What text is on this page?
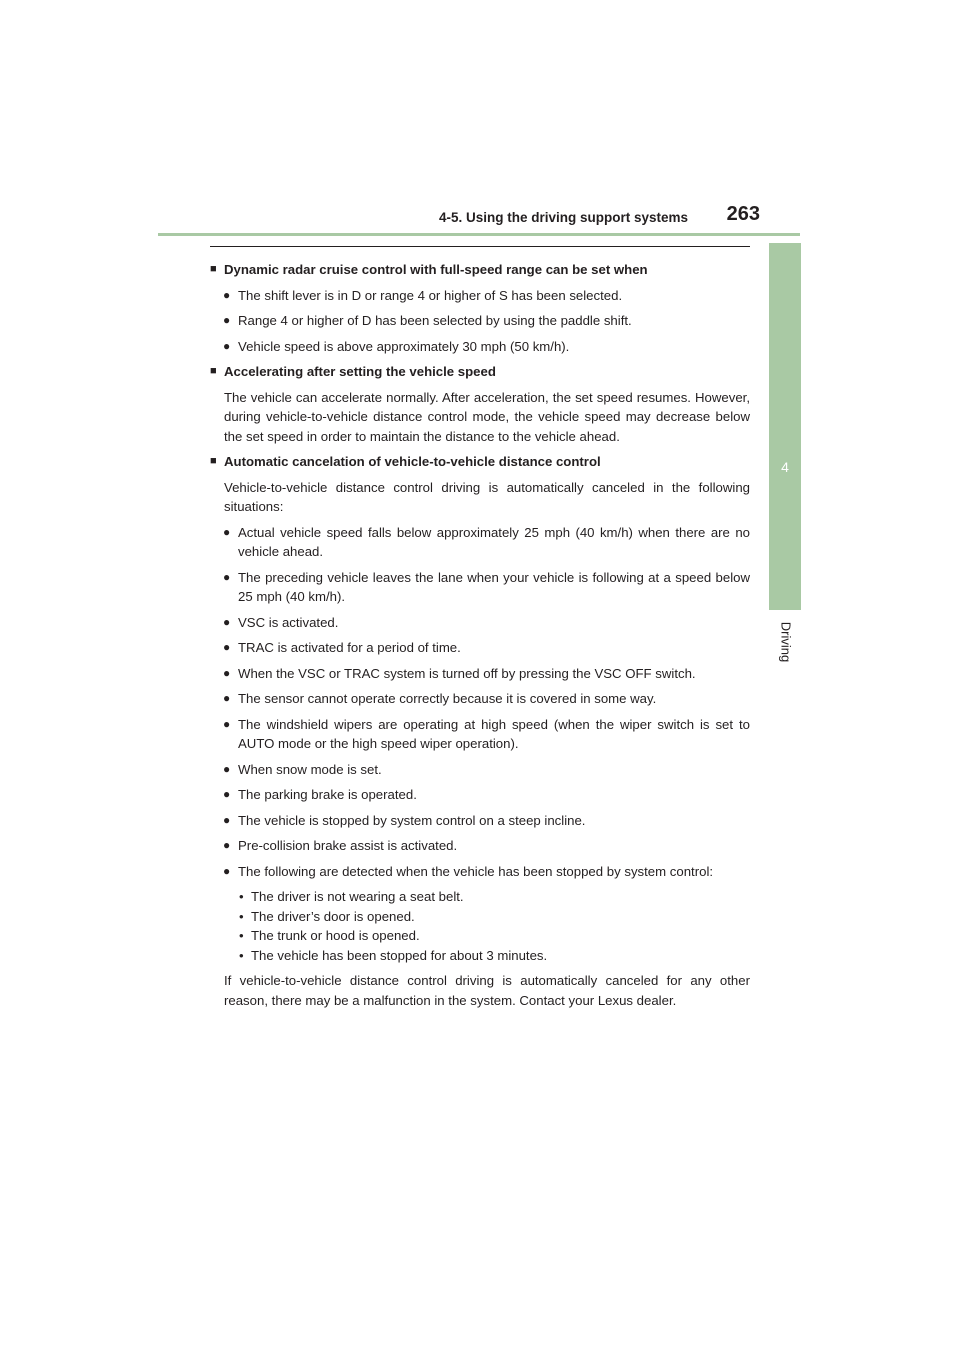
4-5. Using the driving support systems	263
4
Driving
■ Dynamic radar cruise control with full-speed range can be set when
● The shift lever is in D or range 4 or higher of S has been selected.
● Range 4 or higher of D has been selected by using the paddle shift.
● Vehicle speed is above approximately 30 mph (50 km/h).
■ Accelerating after setting the vehicle speed
The vehicle can accelerate normally. After acceleration, the set speed resumes. However, during vehicle-to-vehicle distance control mode, the vehicle speed may decrease below the set speed in order to maintain the distance to the vehicle ahead.
■ Automatic cancelation of vehicle-to-vehicle distance control
Vehicle-to-vehicle distance control driving is automatically canceled in the following situations:
● Actual vehicle speed falls below approximately 25 mph (40 km/h) when there are no vehicle ahead.
● The preceding vehicle leaves the lane when your vehicle is following at a speed below 25 mph (40 km/h).
● VSC is activated.
● TRAC is activated for a period of time.
● When the VSC or TRAC system is turned off by pressing the VSC OFF switch.
● The sensor cannot operate correctly because it is covered in some way.
● The windshield wipers are operating at high speed (when the wiper switch is set to AUTO mode or the high speed wiper operation).
● When snow mode is set.
● The parking brake is operated.
● The vehicle is stopped by system control on a steep incline.
● Pre-collision brake assist is activated.
● The following are detected when the vehicle has been stopped by system control:
• The driver is not wearing a seat belt.
• The driver’s door is opened.
• The trunk or hood is opened.
• The vehicle has been stopped for about 3 minutes.
If vehicle-to-vehicle distance control driving is automatically canceled for any other reason, there may be a malfunction in the system. Contact your Lexus dealer.
